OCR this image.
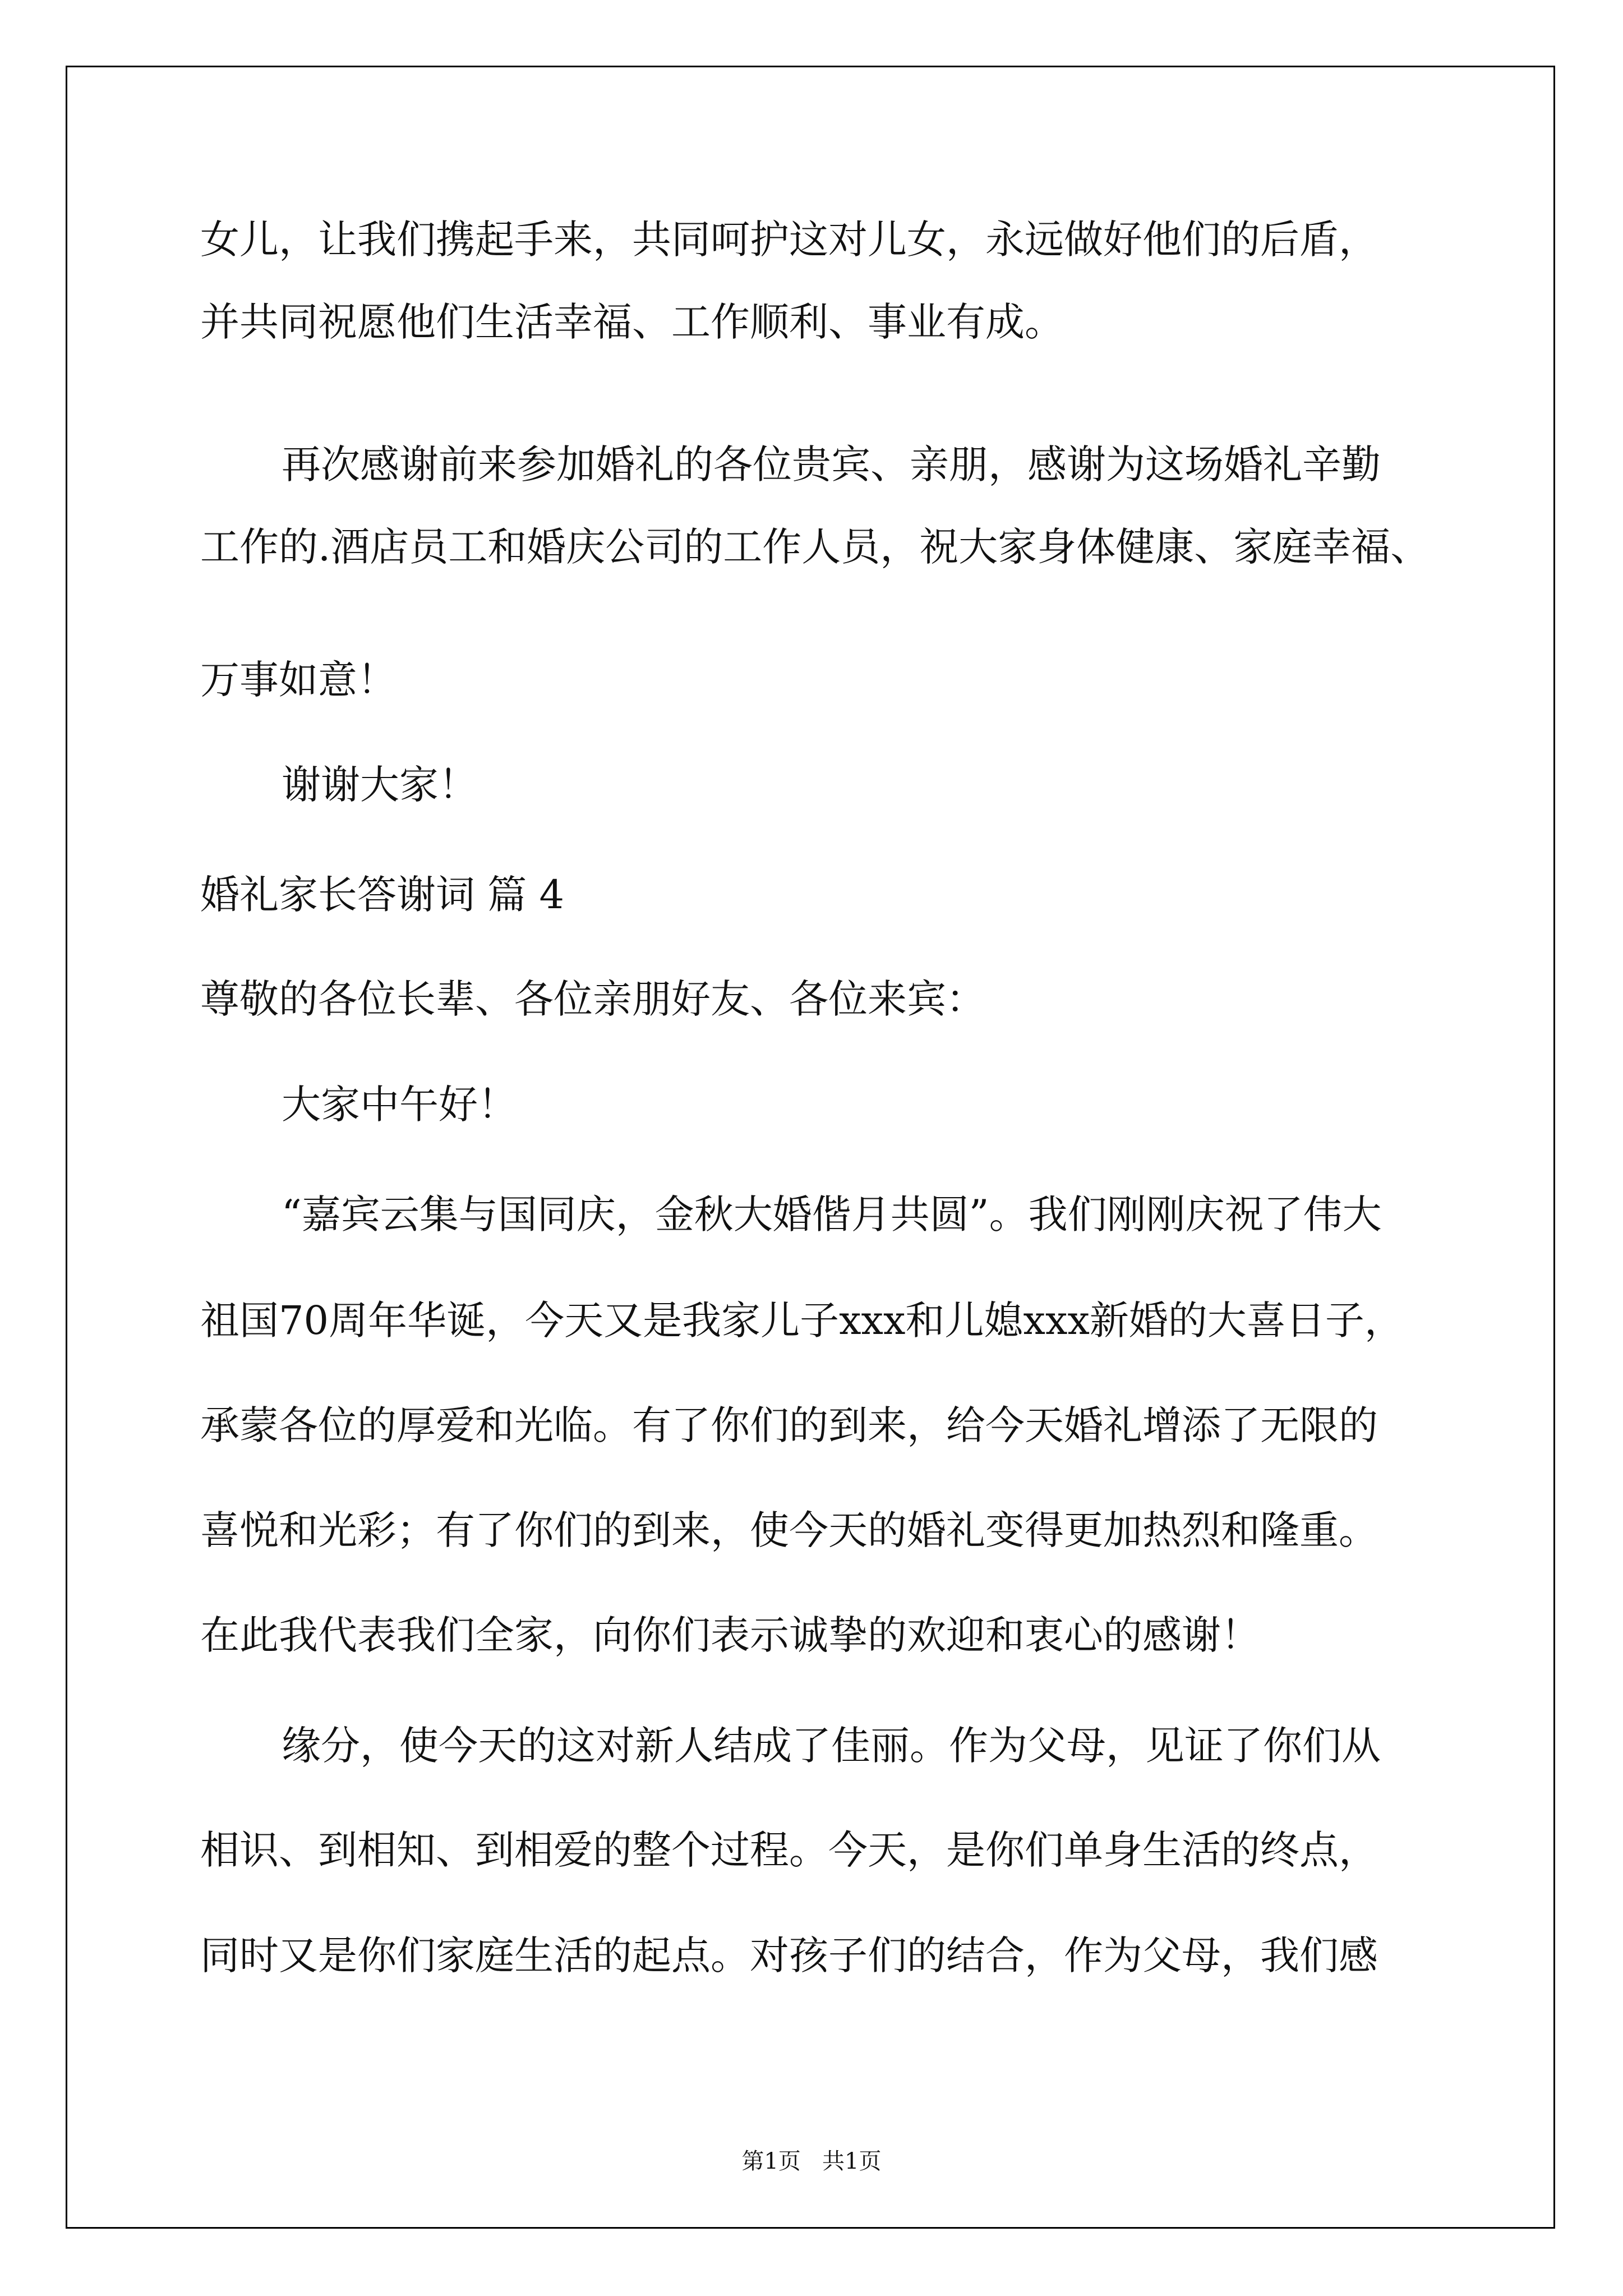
女儿，让我们携起手来，共同呵护这对儿女，永远做好他们的后盾，
并共同祝愿他们生活幸福、工作顺利、事业有成。
再次感谢前来参加婚礼的各位贵宾、亲朋，感谢为这场婚礼辛勤
工作的.酒店员工和婚庆公司的工作人员，祝大家身体健康、家庭幸福、
万事如意！
谢谢大家！
婚礼家长答谢词 篇 4
尊敬的各位长辈、各位亲朋好友、各位来宾：
大家中午好！
“嘉宾云集与国同庆，金秋大婚偕月共圆”。我们刚刚庆祝了伟大
祖国70周年华诞，今天又是我家儿子xxx和儿媳xxx新婚的大喜日子，
承蒙各位的厚爱和光临。有了你们的到来，给今天婚礼增添了无限的
喜悦和光彩；有了你们的到来，使今天的婚礼变得更加热烈和隆重。
在此我代表我们全家，向你们表示诚挚的欢迎和衷心的感谢！
缘分，使今天的这对新人结成了佳丽。作为父母，见证了你们从
相识、到相知、到相爱的整个过程。今天，是你们单身生活的终点，
同时又是你们家庭生活的起点。对孩子们的结合，作为父母，我们感
第1页   共1页
